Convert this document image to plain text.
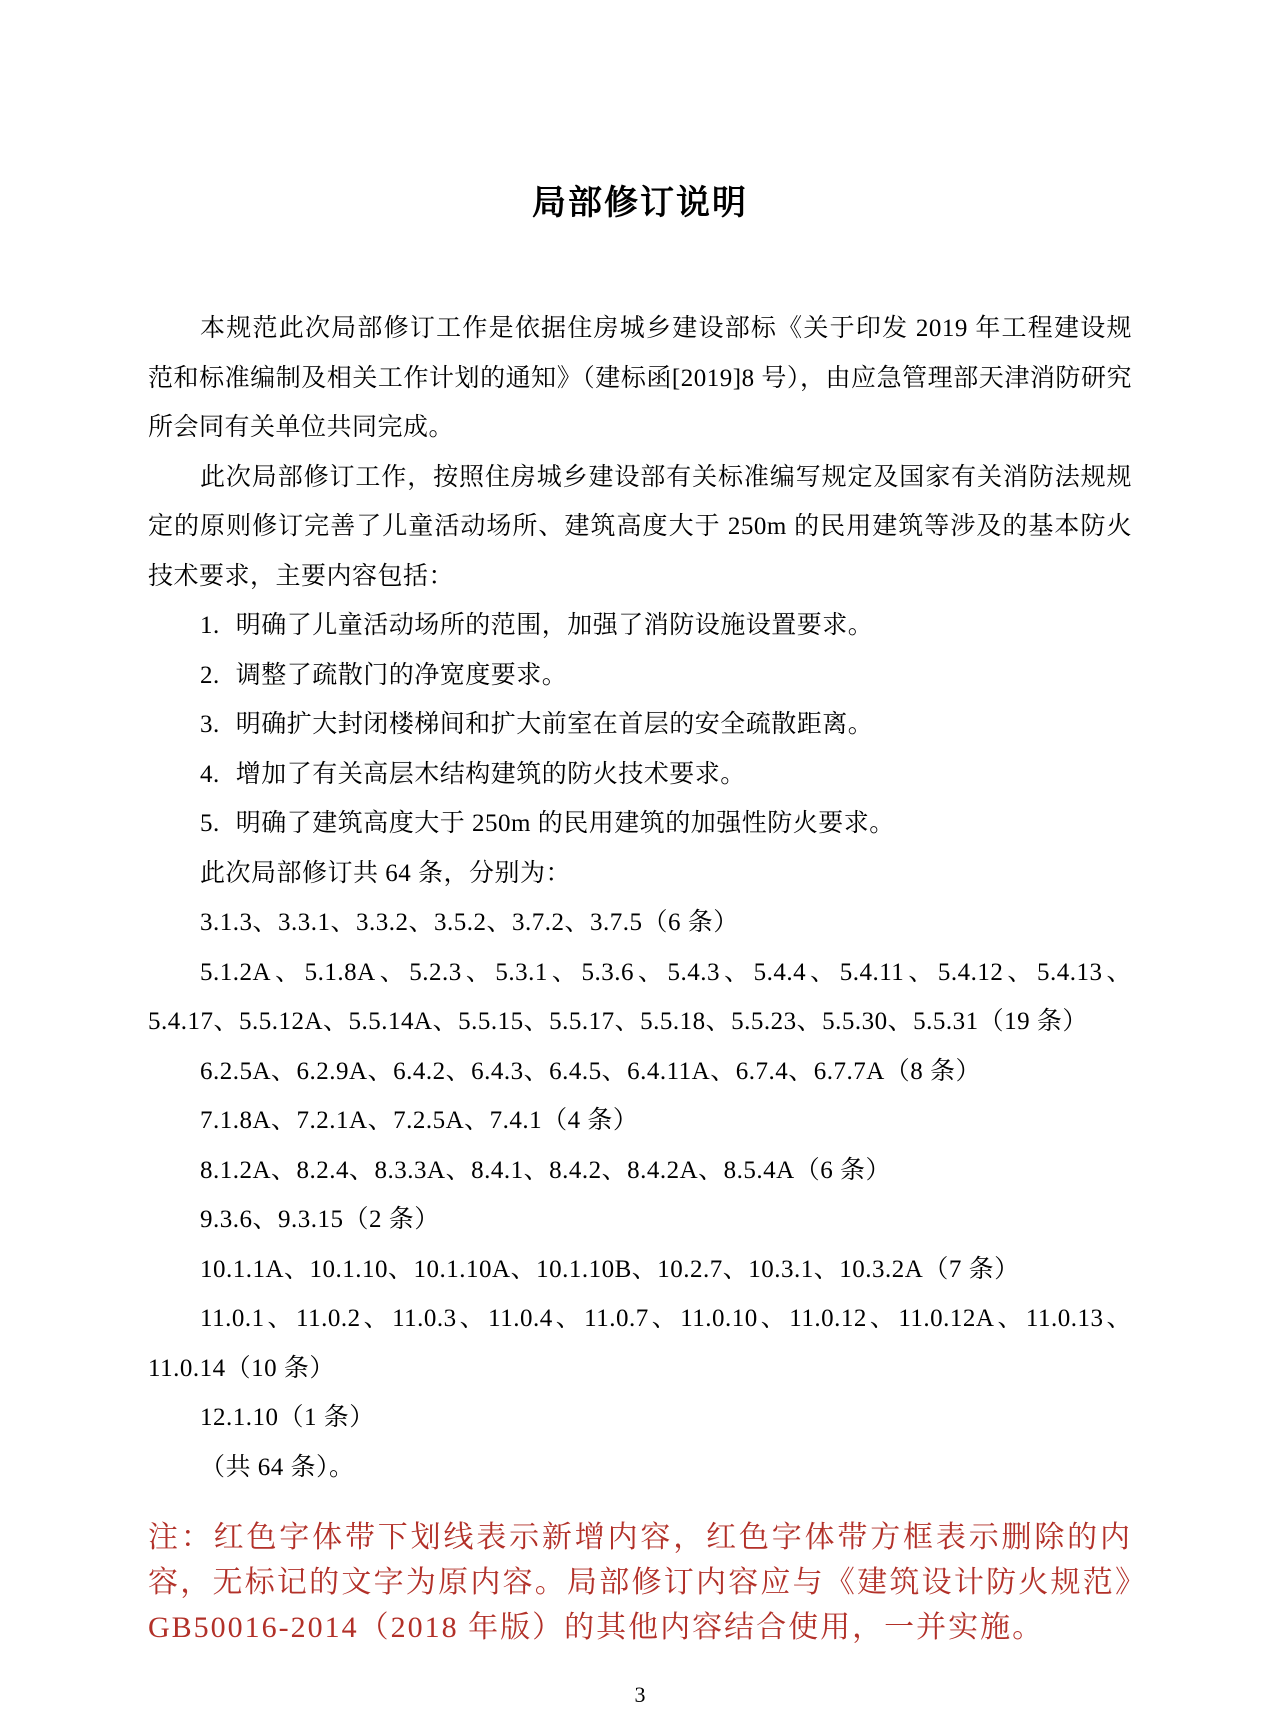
局部修订说明

本规范此次局部修订工作是依据住房城乡建设部标《关于印发 2019 年工程建设规范和标准编制及相关工作计划的通知》（建标函[2019]8 号），由应急管理部天津消防研究所会同有关单位共同完成。

此次局部修订工作，按照住房城乡建设部有关标准编写规定及国家有关消防法规规定的原则修订完善了儿童活动场所、建筑高度大于 250m 的民用建筑等涉及的基本防火技术要求，主要内容包括：

1. 明确了儿童活动场所的范围，加强了消防设施设置要求。

2. 调整了疏散门的净宽度要求。

3. 明确扩大封闭楼梯间和扩大前室在首层的安全疏散距离。

4. 增加了有关高层木结构建筑的防火技术要求。

5. 明确了建筑高度大于 250m 的民用建筑的加强性防火要求。

此次局部修订共 64 条，分别为：

3.1.3、3.3.1、3.3.2、3.5.2、3.7.2、3.7.5（6 条）

5.1.2A、5.1.8A、5.2.3、5.3.1、5.3.6、5.4.3、5.4.4、5.4.11、5.4.12、5.4.13、5.4.17、5.5.12A、5.5.14A、5.5.15、5.5.17、5.5.18、5.5.23、5.5.30、5.5.31（19 条）

6.2.5A、6.2.9A、6.4.2、6.4.3、6.4.5、6.4.11A、6.7.4、6.7.7A（8 条）

7.1.8A、7.2.1A、7.2.5A、7.4.1（4 条）

8.1.2A、8.2.4、8.3.3A、8.4.1、8.4.2、8.4.2A、8.5.4A（6 条）

9.3.6、9.3.15（2 条）

10.1.1A、10.1.10、10.1.10A、10.1.10B、10.2.7、10.3.1、10.3.2A（7 条）

11.0.1、11.0.2、11.0.3、11.0.4、11.0.7、11.0.10、11.0.12、11.0.12A、11.0.13、11.0.14（10 条）

12.1.10（1 条）

（共 64 条）。

注：红色字体带下划线表示新增内容，红色字体带方框表示删除的内容，无标记的文字为原内容。局部修订内容应与《建筑设计防火规范》GB50016-2014（2018 年版）的其他内容结合使用，一并实施。

3
